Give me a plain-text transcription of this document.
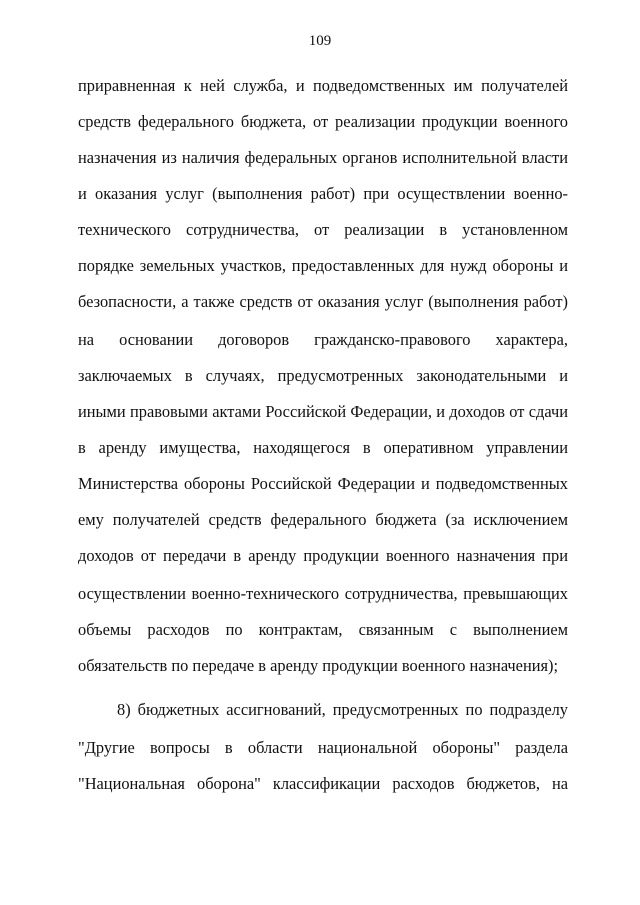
109
приравненная к ней служба, и подведомственных им получателей
средств федерального бюджета, от реализации продукции военного
назначения из наличия федеральных органов исполнительной власти
и оказания услуг (выполнения работ) при осуществлении военно-
технического сотрудничества, от реализации в установленном
порядке земельных участков, предоставленных для нужд обороны и
безопасности, а также средств от оказания услуг (выполнения работ)
на основании договоров гражданско-правового характера,
заключаемых в случаях, предусмотренных законодательными и
иными правовыми актами Российской Федерации, и доходов от сдачи
в аренду имущества, находящегося в оперативном управлении
Министерства обороны Российской Федерации и подведомственных
ему получателей средств федерального бюджета (за исключением
доходов от передачи в аренду продукции военного назначения при
осуществлении военно-технического сотрудничества, превышающих
объемы расходов по контрактам, связанным с выполнением
обязательств по передаче в аренду продукции военного назначения);
8) бюджетных ассигнований, предусмотренных по подразделу
"Другие вопросы в области национальной обороны" раздела
"Национальная оборона" классификации расходов бюджетов, на
